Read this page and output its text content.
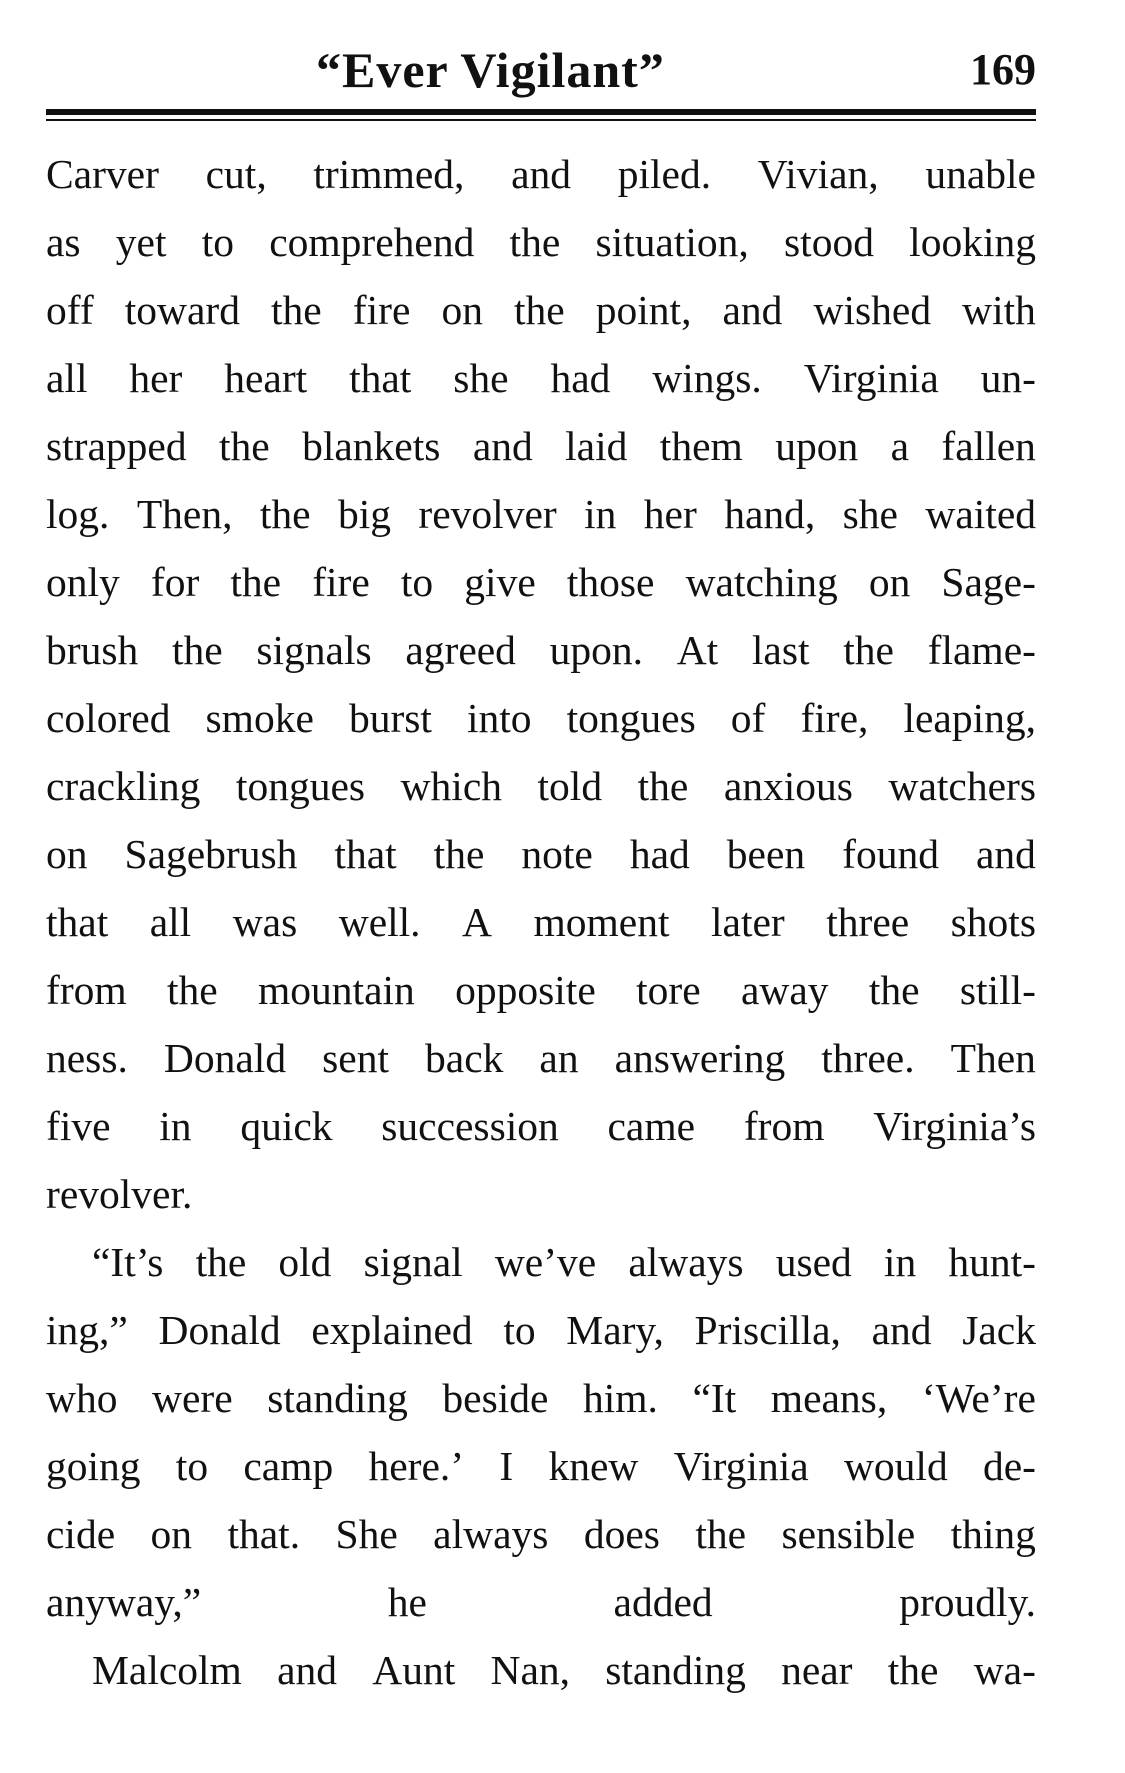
“Ever Vigilant”	169
Carver cut, trimmed, and piled. Vivian, unable
as yet to comprehend the situation, stood looking
off toward the fire on the point, and wished with
all her heart that she had wings. Virginia un-
strapped the blankets and laid them upon a fallen
log. Then, the big revolver in her hand, she waited
only for the fire to give those watching on Sage-
brush the signals agreed upon. At last the flame-
colored smoke burst into tongues of fire, leaping,
crackling tongues which told the anxious watchers
on Sagebrush that the note had been found and
that all was well. A moment later three shots
from the mountain opposite tore away the still-
ness. Donald sent back an answering three. Then
five in quick succession came from Virginia’s
revolver.
“It’s the old signal we’ve always used in hunt-
ing,” Donald explained to Mary, Priscilla, and Jack
who were standing beside him. “It means, ‘We’re
going to camp here.’ I knew Virginia would de-
cide on that. She always does the sensible thing
anyway,” he added proudly.
Malcolm and Aunt Nan, standing near the wa-
